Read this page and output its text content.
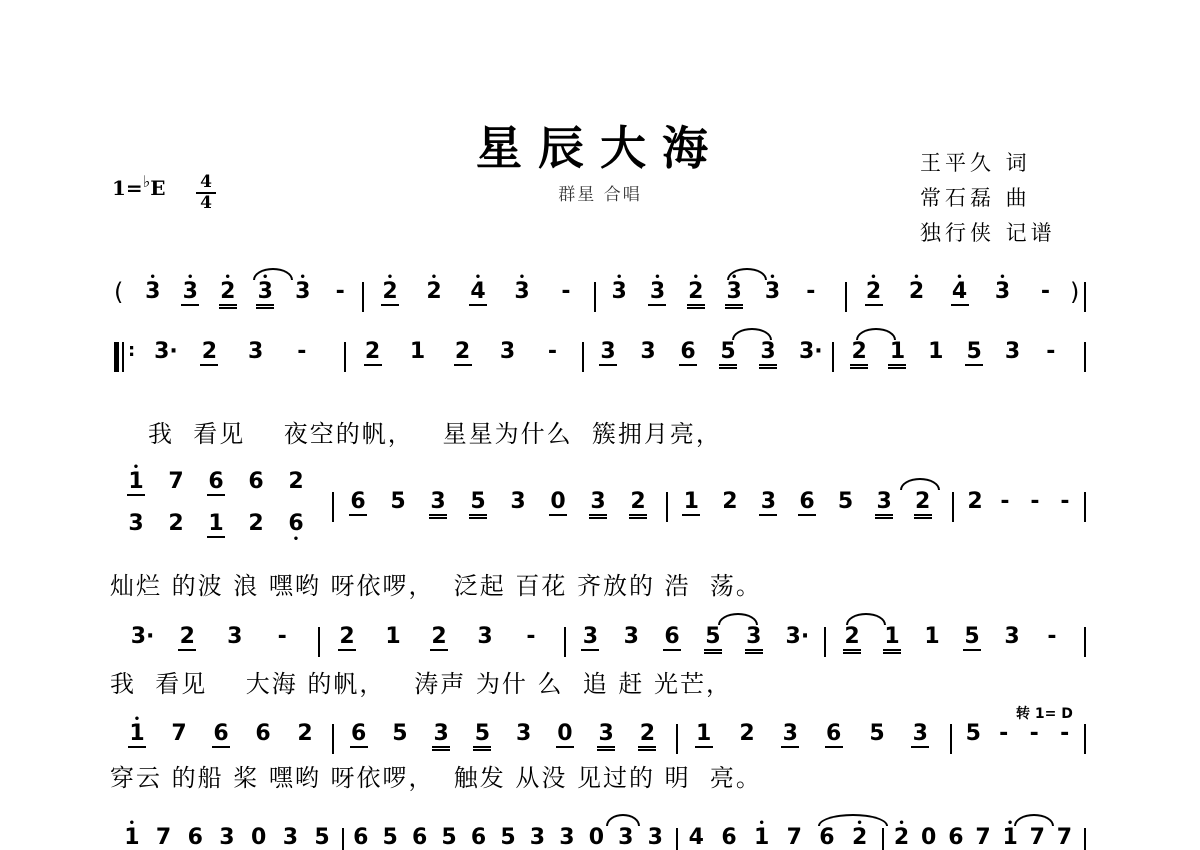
星辰大海
群星 合唱
王平久 词
常石磊 曲
独行侠 记谱
1=♭E 4
4
( • 3 • 3 • 2 • 3 • 3 - • 2 • 2 • 4 • 3 - • 3 • 3 • 2 • 3 • 3 - • 2 • 2 • 4 • 3 - )
: 3· 2 3 -	2 1 2 3 - 3 3 6 5 3 3· 2 1 1 5 3 -
我  看见    夜空的帆，   星星为什么  簇拥月亮，
• 1 7 6 6 2
6 5 3 5 3 0 3 2 1 2 3 6 5 3 2 2 - - -
3 2 1 2 6 •
灿烂 的波 浪 嘿哟 呀依啰，  泛起 百花 齐放的 浩  荡。
3· 2 3 - 2 1 2 3 - 3 3 6 5 3 3· 2 1 1 5 3 -
我  看见    大海 的帆，   涛声 为什 么  追 赶 光芒，
转 1= D
• 1 7 6 6 2 6 5 3 5 3 0 3 2 1 2 3 6 5 3 5 - - -
穿云 的船 桨 嘿哟 呀依啰，  触发 从没 见过的 明  亮。
• 1 7 6 3 0 3 5 6 5 6 5 6 5 3 3 0 3 3 4 6 • 1 7 6 • 2 • 2 0 6 7 • 1 7 7
